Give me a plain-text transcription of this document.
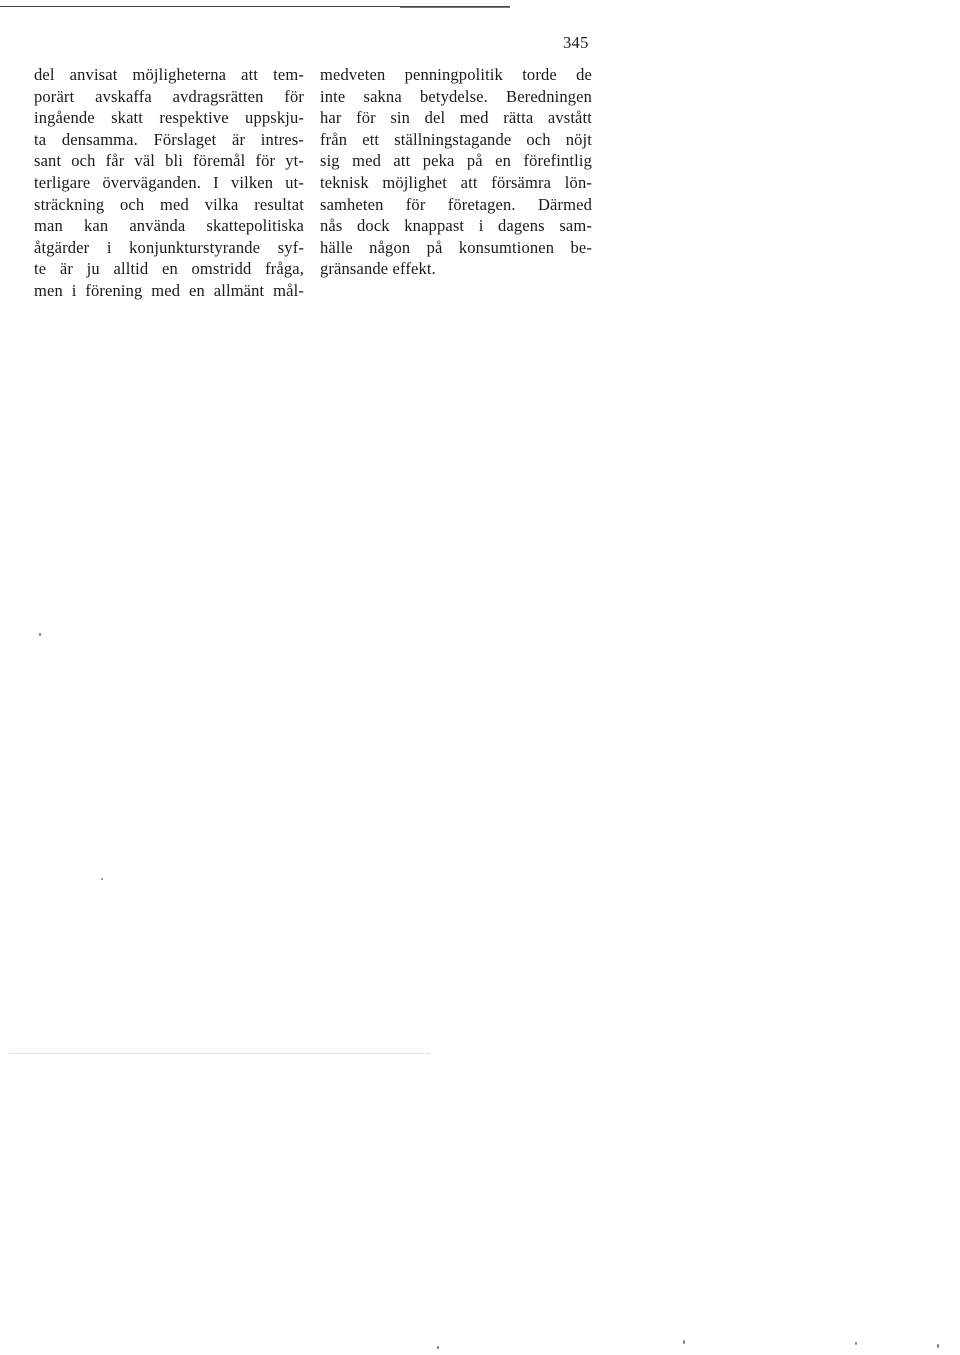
345
del anvisat möjligheterna att tem-
porärt avskaffa avdragsrätten för
ingående skatt respektive uppskju-
ta densamma. Förslaget är intres-
sant och får väl bli föremål för yt-
terligare överväganden. I vilken ut-
sträckning och med vilka resultat
man kan använda skattepolitiska
åtgärder i konjunkturstyrande syf-
te är ju alltid en omstridd fråga,
men i förening med en allmänt mål-
medveten penningpolitik torde de
inte sakna betydelse. Beredningen
har för sin del med rätta avstått
från ett ställningstagande och nöjt
sig med att peka på en förefintlig
teknisk möjlighet att försämra lön-
samheten för företagen. Därmed
nås dock knappast i dagens sam-
hälle någon på konsumtionen be-
gränsande effekt.
